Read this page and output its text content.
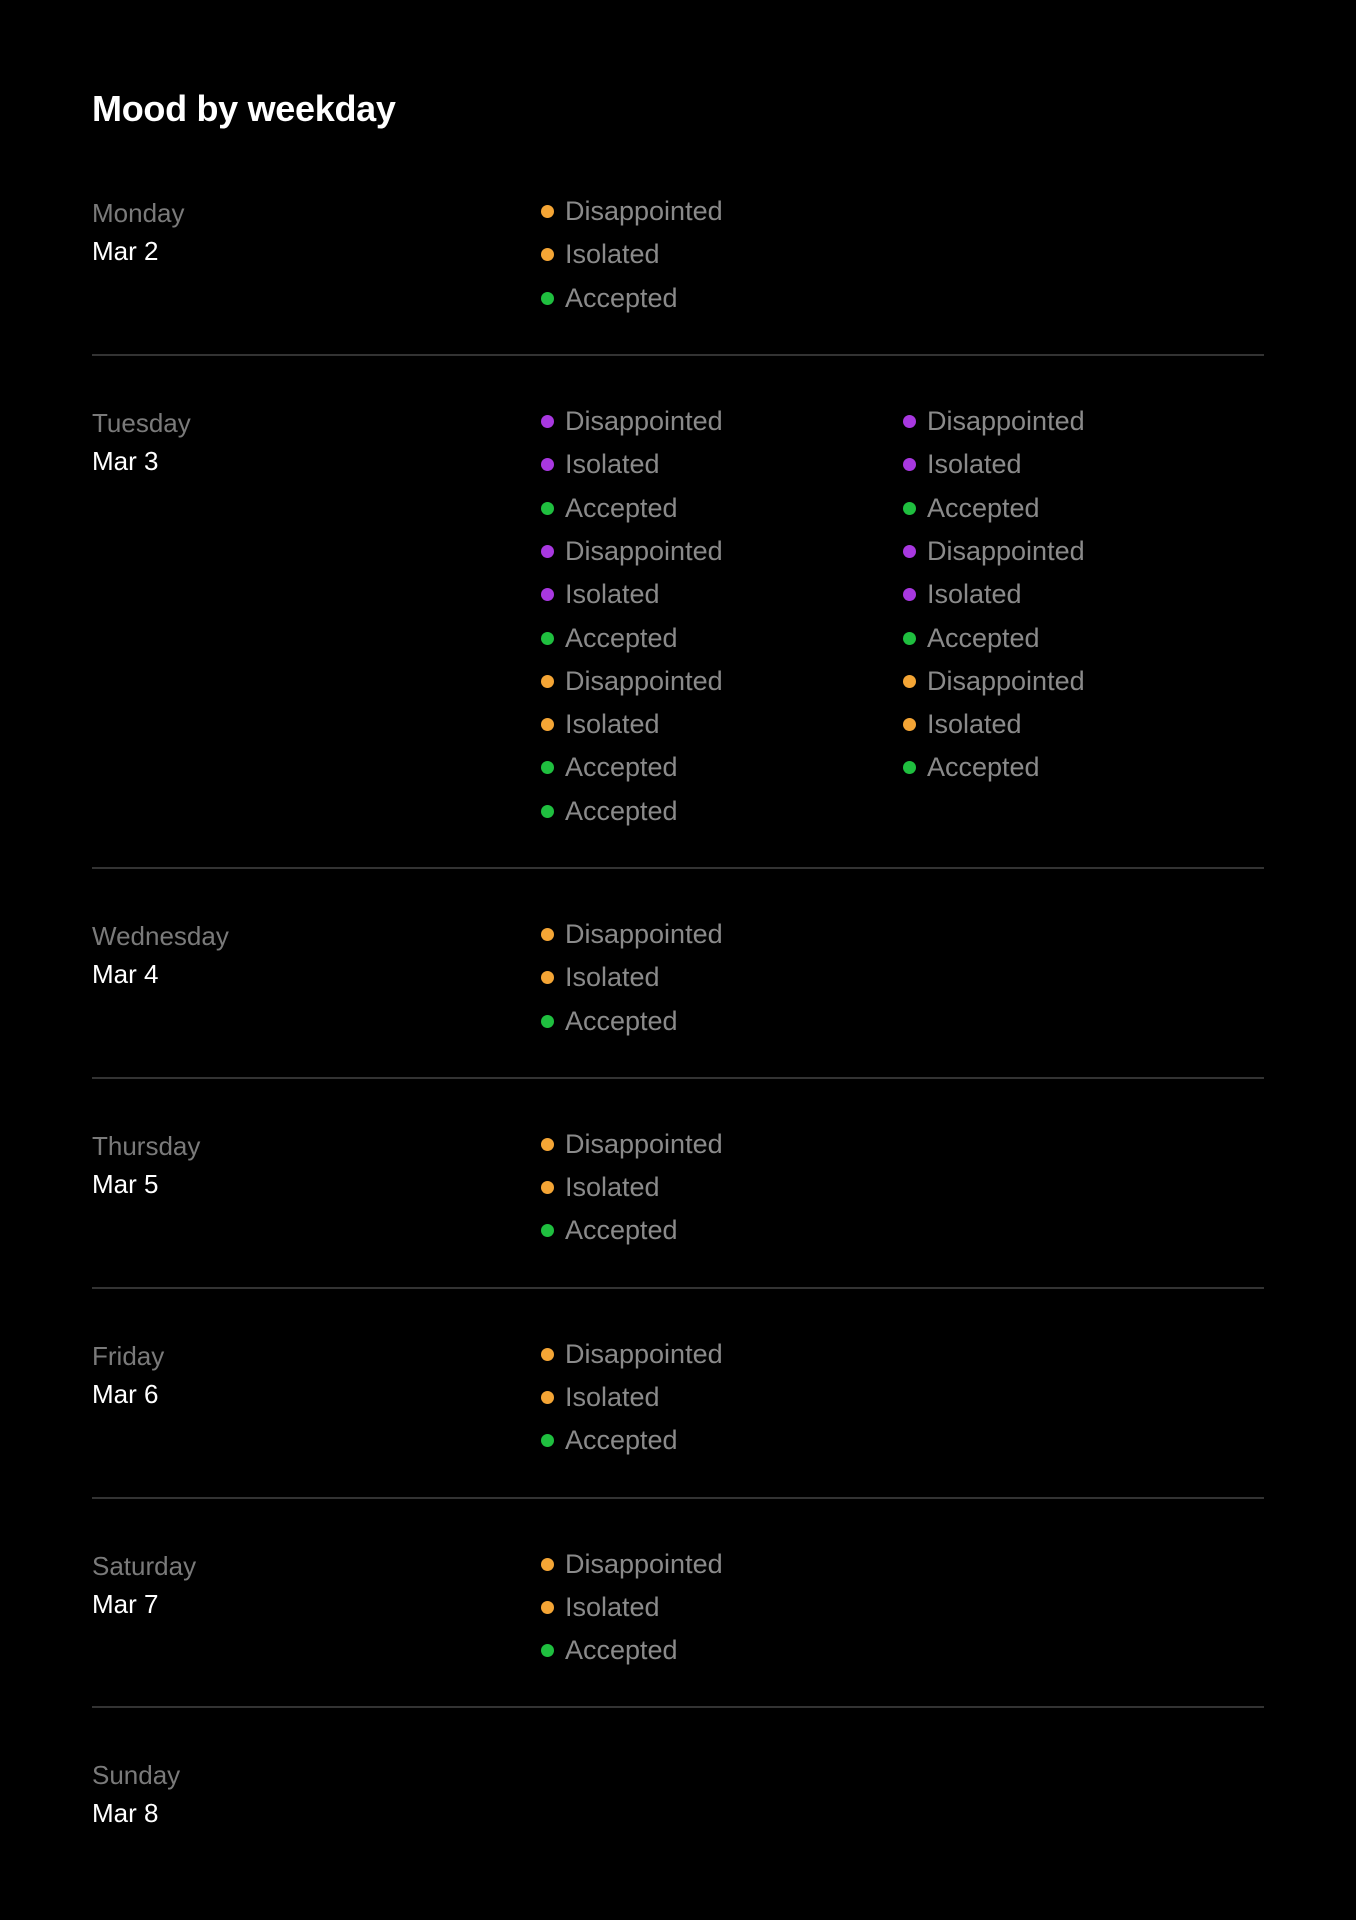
Mood by weekday
Monday
Mar 2
Disappointed
Isolated
Accepted
Tuesday
Mar 3
Disappointed
Isolated
Accepted
Disappointed
Isolated
Accepted
Disappointed
Isolated
Accepted
Accepted
Disappointed
Isolated
Accepted
Disappointed
Isolated
Accepted
Disappointed
Isolated
Accepted
Wednesday
Mar 4
Disappointed
Isolated
Accepted
Thursday
Mar 5
Disappointed
Isolated
Accepted
Friday
Mar 6
Disappointed
Isolated
Accepted
Saturday
Mar 7
Disappointed
Isolated
Accepted
Sunday
Mar 8
